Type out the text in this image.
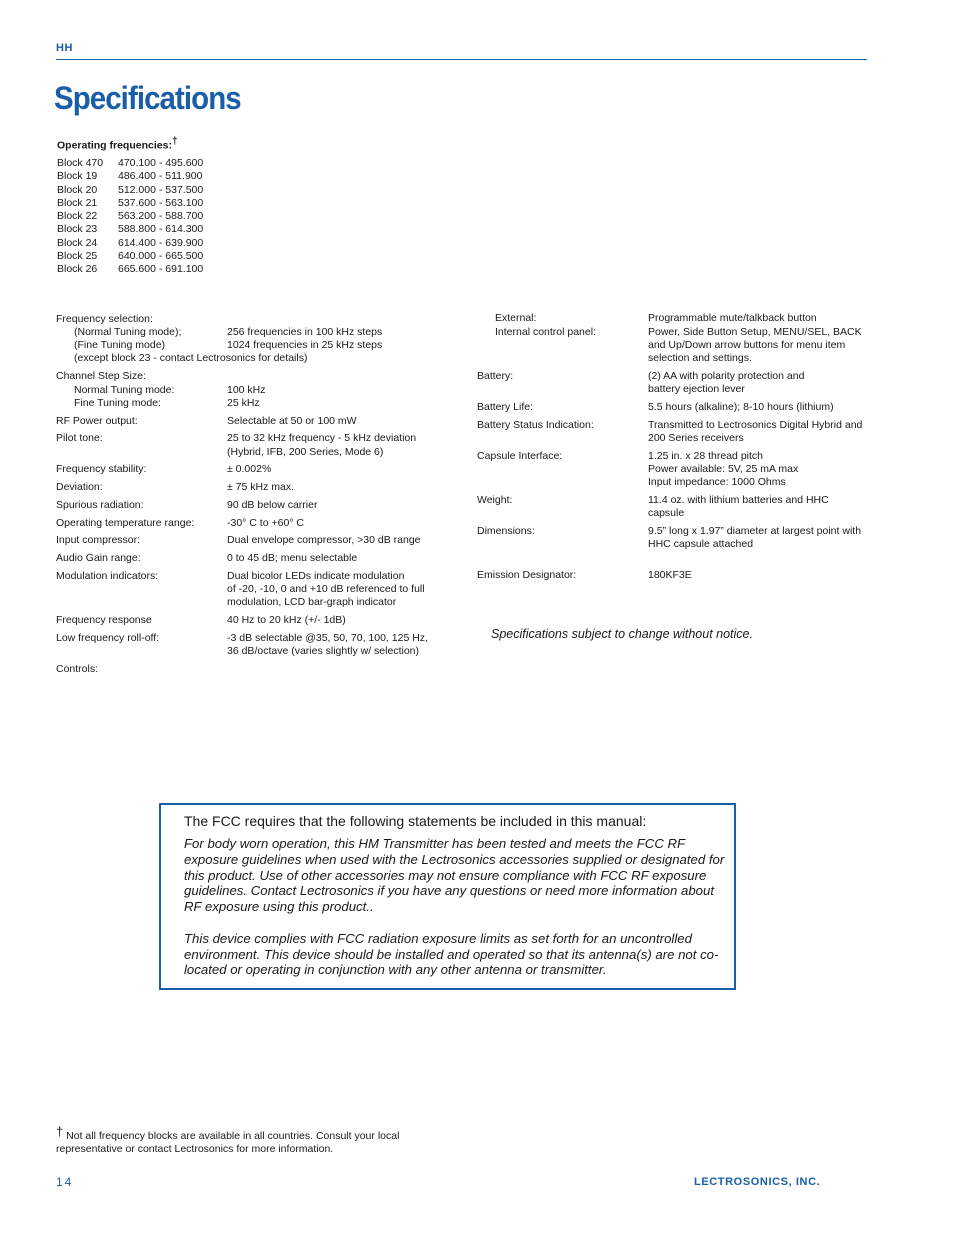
HH
Specifications
Operating frequencies:†
Block 470	470.100 - 495.600
Block 19	486.400 - 511.900
Block 20	512.000 - 537.500
Block 21	537.600 - 563.100
Block 22	563.200 - 588.700
Block 23	588.800 - 614.300
Block 24	614.400 - 639.900
Block 25	640.000 - 665.500
Block 26	665.600 - 691.100
Frequency selection:
(Normal Tuning mode);	256 frequencies in 100 kHz steps
(Fine Tuning mode)	1024 frequencies in 25 kHz steps
(except block 23 - contact Lectrosonics for details)
Channel Step Size:
Normal Tuning mode:	100 kHz
Fine Tuning mode:	25 kHz
RF Power output:	Selectable at 50 or 100 mW
Pilot tone:	25 to 32 kHz frequency - 5 kHz deviation
(Hybrid, IFB, 200 Series, Mode 6)
Frequency stability:	± 0.002%
Deviation:	± 75 kHz max.
Spurious radiation:	90 dB below carrier
Operating temperature range:	-30° C to +60° C
Input compressor:	Dual envelope compressor, >30 dB range
Audio Gain range:	0 to 45 dB; menu selectable
Modulation indicators:	Dual bicolor LEDs indicate modulation
of -20, -10, 0 and +10 dB referenced to full
modulation, LCD bar-graph indicator
Frequency response	40 Hz to 20 kHz (+/- 1dB)
Low frequency roll-off:	-3 dB selectable @35, 50, 70, 100, 125 Hz,
36 dB/octave (varies slightly w/ selection)
Controls:
External:	Programmable mute/talkback button
Internal control panel:	Power, Side Button Setup, MENU/SEL, BACK
and Up/Down arrow buttons for menu item
selection and settings.
Battery:	(2) AA with polarity protection and
battery ejection lever
Battery Life:	5.5 hours (alkaline); 8-10 hours (lithium)
Battery Status Indication:	Transmitted to Lectrosonics Digital Hybrid and
200 Series receivers
Capsule Interface:	1.25 in. x 28 thread pitch
Power available: 5V, 25 mA max
Input impedance: 1000 Ohms
Weight:	11.4 oz. with lithium batteries and HHC
capsule
Dimensions:	9.5” long x 1.97” diameter at largest point with
HHC capsule attached
Emission Designator:	180KF3E
Specifications subject to change without notice.
The FCC requires that the following statements be included in this manual:

For body worn operation, this HM Transmitter has been tested and meets the FCC RF exposure guidelines when used with the Lectrosonics accessories supplied or designated for this product. Use of other accessories may not ensure compliance with FCC RF exposure guidelines. Contact Lectrosonics if you have any questions or need more information about RF exposure using this product..

This device complies with FCC radiation exposure limits as set forth for an uncontrolled environment. This device should be installed and operated so that its antenna(s) are not co-located or operating in conjunction with any other antenna or transmitter.

† Not all frequency blocks are available in all countries. Consult your local representative or contact Lectrosonics for more information.
14	LECTROSONICS, INC.
